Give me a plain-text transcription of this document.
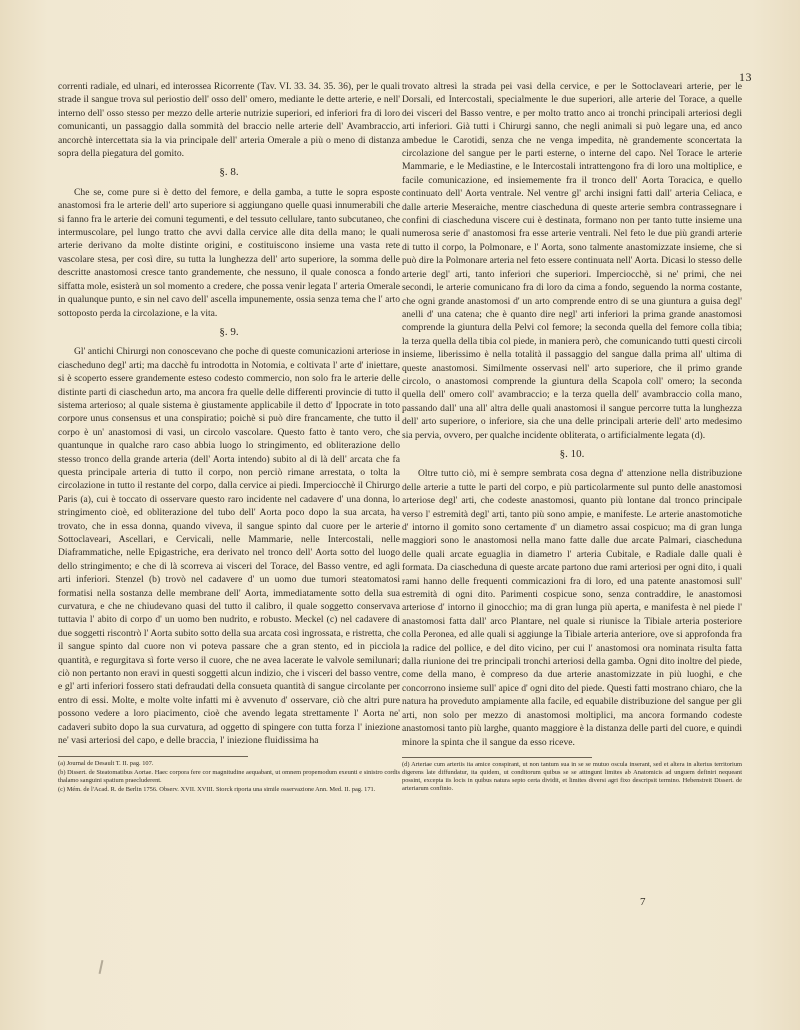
13

correnti radiale, ed ulnari, ed interossea Ricorrente (Tav. VI. 33. 34. 35. 36), per le quali strade il sangue trova sul periostio dell' osso dell' omero, mediante le dette arterie, e nell' interno dell' osso stesso per mezzo delle arterie nutrizie superiori, ed inferiori fra di loro comunicanti, un passaggio dalla sommità del braccio nelle arterie dell' Avambraccio, ancorchè intercettata sia la via principale dell' arteria Omerale a più o meno di distanza sopra della piegatura del gomito.

§. 8.

Che se, come pure si è detto del femore, e della gamba, a tutte le sopra esposte anastomosi fra le arterie dell' arto superiore si aggiungano quelle quasi innumerabili che si fanno fra le arterie dei comuni tegumenti, e del tessuto cellulare, tanto subcutaneo, che intermuscolare, pel lungo tratto che avvi dalla cervice alle dita della mano; le quali arterie derivano da molte distinte origini, e costituiscono insieme una vasta rete vascolare stesa, per così dire, su tutta la lunghezza dell' arto superiore, la somma delle descritte anastomosi cresce tanto grandemente, che nessuno, il quale conosca a fondo siffatta mole, esisterà un sol momento a credere, che possa venir legata l' arteria Omerale in qualunque punto, e sin nel cavo dell' ascella impunemente, ossia senza tema che l' arto sottoposto perda la circolazione, e la vita.

§. 9.

Gl' antichi Chirurgi non conoscevano che poche di queste comunicazioni arteriose in ciascheduno degl' arti; ma dacchè fu introdotta in Notomia, e coltivata l' arte d' iniettare, si è scoperto essere grandemente esteso codesto commercio, non solo fra le arterie delle distinte parti di ciaschedun arto, ma ancora fra quelle delle differenti provincie di tutto il sistema arterioso; al quale sistema è giustamente applicabile il detto d' Ippocrate in toto corpore unus consensus et una conspiratio; poichè si può dire francamente, che tutto il corpo è un' anastomosi di vasi, un circolo vascolare. Questo fatto è tanto vero, che quantunque in qualche raro caso abbia luogo lo stringimento, ed obliterazione dello stesso tronco della grande arteria (dell' Aorta intendo) subito al di là dell' arcata che fa questa principale arteria di tutto il corpo, non perciò rimane arrestata, o tolta la circolazione in tutto il restante del corpo, dalla cervice ai piedi. Imperciocchè il Chirurgo Paris (a), cui è toccato di osservare questo raro incidente nel cadavere d' una donna, lo stringimento cioè, ed obliterazione del tubo dell' Aorta poco dopo la sua arcata, ha trovato, che in essa donna, quando viveva, il sangue spinto dal cuore per le arterie Sottoclaveari, Ascellari, e Cervicali, nelle Mammarie, nelle Intercostali, nelle Diaframmatiche, nelle Epigastriche, era derivato nel tronco dell' Aorta sotto del luogo dello stringimento; e che di là scorreva ai visceri del Torace, del Basso ventre, ed agli arti inferiori. Stenzel (b) trovò nel cadavere d' un uomo due tumori steatomatosi formatisi nella sostanza delle membrane dell' Aorta, immediatamente sotto della sua curvatura, e che ne chiudevano quasi del tutto il calibro, il quale soggetto conservava tuttavia l' abito di corpo d' un uomo ben nudrito, e robusto. Meckel (c) nel cadavere di due soggetti riscontrò l' Aorta subito sotto della sua arcata così ingrossata, e ristretta, che il sangue spinto dal cuore non vi poteva passare che a gran stento, ed in picciola quantità, e regurgitava sì forte verso il cuore, che ne avea lacerate le valvole semilunari; ciò non pertanto non eravi in questi soggetti alcun indizio, che i visceri del basso ventre, e gl' arti inferiori fossero stati defraudati della consueta quantità di sangue circolante per entro di essi. Molte, e molte volte infatti mi è avvenuto d' osservare, ciò che altri pure possono vedere a loro piacimento, cioè che avendo legata strettamente l' Aorta ne' cadaveri subito dopo la sua curvatura, ad oggetto di spingere con tutta forza l' iniezione ne' vasi arteriosi del capo, e delle braccia, l' iniezione fluidissima ha

(a) Journal de Desault T. II. pag. 107.
(b) Dissert. de Steatomatibus Aortae. Haec corpora fere cor magnitudine aequabant, ut omnem propemodum exeunti e sinistro cordis thalamo sanguini spatium praecluderent.
(c) Mém. de l'Acad. R. de Berlin 1756. Observ. XVII. XVIII. Storck riporta una simile osservazione Ann. Med. II. pag. 171.

trovato altresì la strada pei vasi della cervice, e per le Sottoclaveari arterie, per le Dorsali, ed Intercostali, specialmente le due superiori, alle arterie del Torace, a quelle dei visceri del Basso ventre, e per molto tratto anco ai tronchi principali arteriosi degli arti inferiori. Già tutti i Chirurgi sanno, che negli animali si può legare una, ed anco ambedue le Carotidi, senza che ne venga impedita, nè grandemente sconcertata la circolazione del sangue per le parti esterne, o interne del capo. Nel Torace le arterie Mammarie, e le Mediastine, e le Intercostali intrattengono fra di loro una moltiplice, e facile comunicazione, ed insiememente fra il tronco dell' Aorta Toracica, e quello continuato dell' Aorta ventrale. Nel ventre gl' archi insigni fatti dall' arteria Celiaca, e dalle arterie Meseraiche, mentre ciascheduna di queste arterie sembra contrassegnare i confini di ciascheduna viscere cui è destinata, formano non per tanto tutte insieme una numerosa serie d' anastomosi fra esse arterie ventrali. Nel feto le due più grandi arterie di tutto il corpo, la Polmonare, e l' Aorta, sono talmente anastomizzate insieme, che si può dire la Polmonare arteria nel feto essere continuata nell' Aorta. Dicasi lo stesso delle arterie degl' arti, tanto inferiori che superiori. Imperciocchè, si ne' primi, che nei secondi, le arterie comunicano fra di loro da cima a fondo, seguendo la norma costante, che ogni grande anastomosi d' un arto comprende entro di se una giuntura a guisa degl' anelli d' una catena; che è quanto dire negl' arti inferiori la prima grande anastomosi comprende la giuntura della Pelvi col femore; la seconda quella del femore colla tibia; la terza quella della tibia col piede, in maniera però, che comunicando tutti questi circoli insieme, liberissimo è nella totalità il passaggio del sangue dalla prima all' ultima di queste anastomosi. Similmente osservasi nell' arto superiore, che il primo grande circolo, o anastomosi comprende la giuntura della Scapola coll' omero; la seconda quella dell' omero coll' avambraccio; e la terza quella dell' avambraccio colla mano, passando dall' una all' altra delle quali anastomosi il sangue percorre tutta la lunghezza dell' arto superiore, o inferiore, sia che una delle principali arterie dell' arto medesimo sia pervia, ovvero, per qualche incidente obliterata, o artificialmente legata (d).

§. 10.

Oltre tutto ciò, mi è sempre sembrata cosa degna d' attenzione nella distribuzione delle arterie a tutte le parti del corpo, e più particolarmente sul punto delle anastomosi arteriose degl' arti, che codeste anastomosi, quanto più lontane dal tronco principale verso l' estremità degl' arti, tanto più sono ampie, e manifeste. Le arterie anastomotiche d' intorno il gomito sono certamente d' un diametro assai cospicuo; ma di gran lunga maggiori sono le anastomosi nella mano fatte dalle due arcate Palmari, ciascheduna delle quali arcate eguaglia in diametro l' arteria Cubitale, e Radiale dalle quali è formata. Da ciascheduna di queste arcate partono due rami arteriosi per ogni dito, i quali rami hanno delle frequenti commicazioni fra di loro, ed una patente anastomosi sull' estremità di ogni dito. Parimenti cospicue sono, senza contraddire, le anastomosi arteriose d' intorno il ginocchio; ma di gran lunga più aperta, e manifesta è nel piede l' anastomosi fatta dall' arco Plantare, nel quale si riunisce la Tibiale arteria posteriore colla Peronea, ed alle quali si aggiunge la Tibiale arteria anteriore, ove si approfonda fra la radice del pollice, e del dito vicino, per cui l' anastomosi ora nominata risulta fatta dalla riunione dei tre principali tronchi arteriosi della gamba. Ogni dito inoltre del piede, come della mano, è compreso da due arterie anastomizzate in più luoghi, e che concorrono insieme sull' apice d' ogni dito del piede. Questi fatti mostrano chiaro, che la natura ha proveduto ampiamente alla facile, ed equabile distribuzione del sangue per gli arti, non solo per mezzo di anastomosi moltiplici, ma ancora formando codeste anastomosi tanto più larghe, quanto maggiore è la distanza delle parti del cuore, e quindi minore la spinta che il sangue da esso riceve.

(d) Arteriae cum arteriis ita amice conspirant, ut non tantum sua in se se mutuo oscula inserant, sed et altera in alterius territorium digerens late diffundatur, ita quidem, ut conditorum quibus se se attingunt limites ab Anatomicis ad unguem definiri nequeant possint, excepta iis locis in quibus natura septo certa dividit, et limites diversi agri fixo descripsit termino. Hebenstreit Dissert. de arteriarum confinio.
7
